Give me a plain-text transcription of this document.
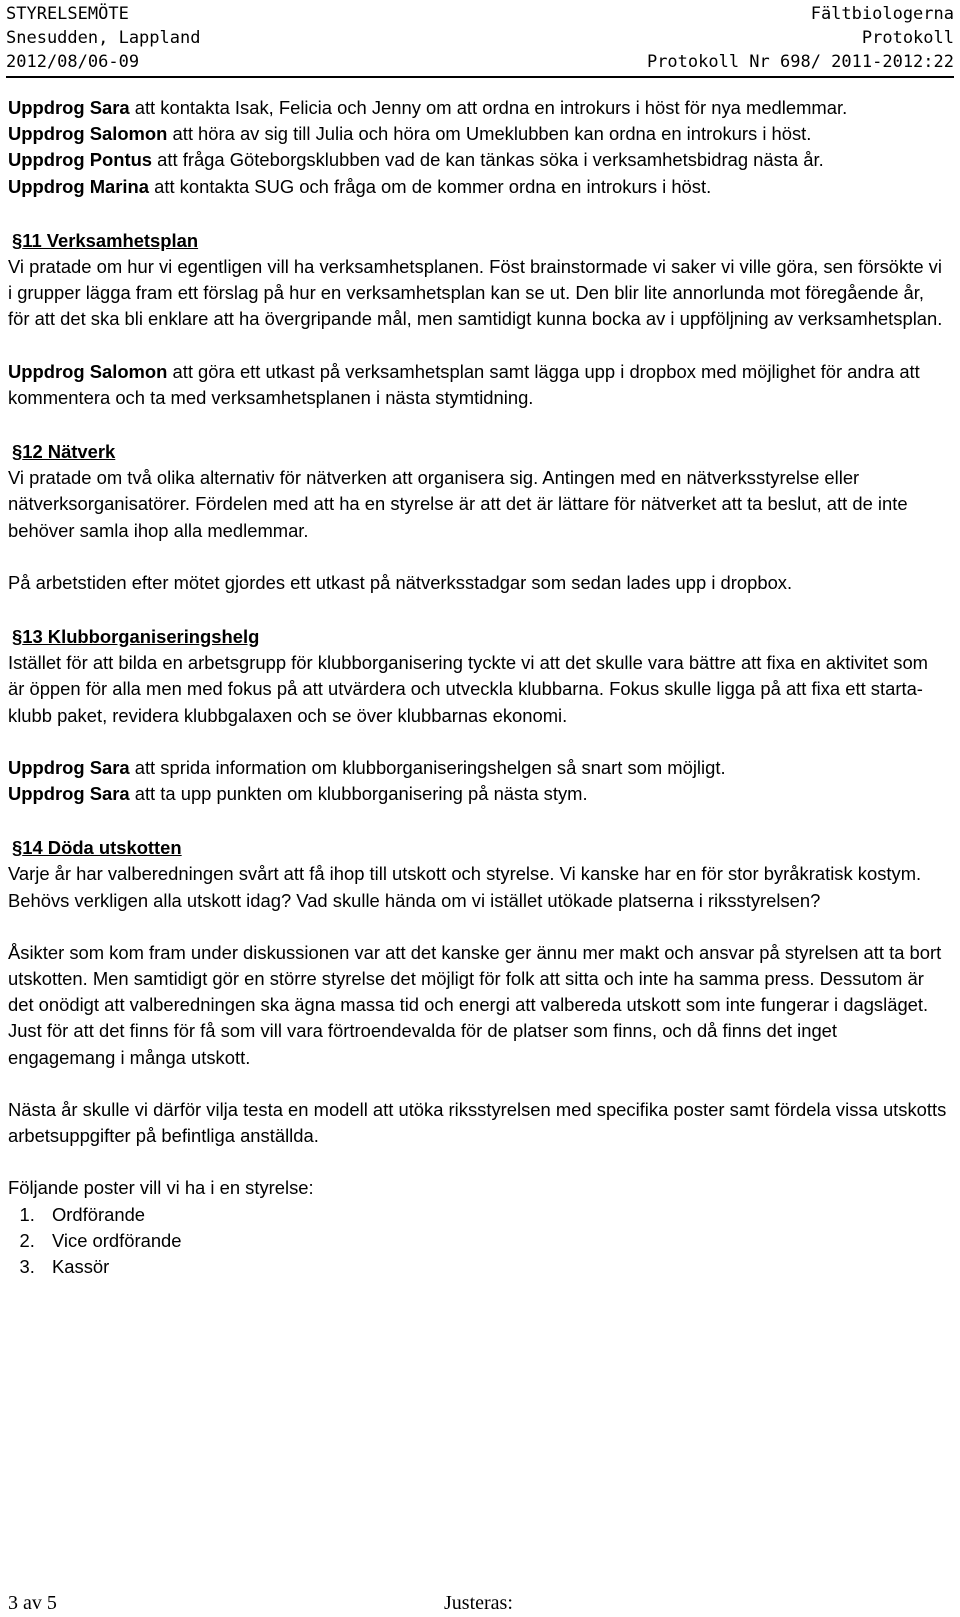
STYRELSEMÖTE
Snesudden, Lappland
2012/08/06-09
Fältbiologerna
Protokoll
Protokoll Nr 698/ 2011-2012:22

Uppdrog Sara att kontakta Isak, Felicia och Jenny om att ordna en introkurs i höst för nya medlemmar.

Uppdrog Salomon att höra av sig till Julia och höra om Umeklubben kan ordna en introkurs i höst.

Uppdrog Pontus att fråga Göteborgsklubben vad de kan tänkas söka i verksamhetsbidrag nästa år.

Uppdrog Marina att kontakta SUG och fråga om de kommer ordna en introkurs i höst.

§11 Verksamhetsplan

Vi pratade om hur vi egentligen vill ha verksamhetsplanen. Föst brainstormade vi saker vi ville göra, sen försökte vi i grupper lägga fram ett förslag på hur en verksamhetsplan kan se ut. Den blir lite annorlunda mot föregående år, för att det ska bli enklare att ha övergripande mål, men samtidigt kunna bocka av i uppföljning av verksamhetsplan.

Uppdrog Salomon att göra ett utkast på verksamhetsplan samt lägga upp i dropbox med möjlighet för andra att kommentera och ta med verksamhetsplanen i nästa stymtidning.

§12 Nätverk

Vi pratade om två olika alternativ för nätverken att organisera sig. Antingen med en nätverksstyrelse eller nätverksorganisatörer. Fördelen med att ha en styrelse är att det är lättare för nätverket att ta beslut, att de inte behöver samla ihop alla medlemmar.

På arbetstiden efter mötet gjordes ett utkast på nätverksstadgar som sedan lades upp i dropbox.

§13 Klubborganiseringshelg

Istället för att bilda en arbetsgrupp för klubborganisering tyckte vi att det skulle vara bättre att fixa en aktivitet som är öppen för alla men med fokus på att utvärdera och utveckla klubbarna. Fokus skulle ligga på att fixa ett starta-klubb paket, revidera klubbgalaxen och se över klubbarnas ekonomi.

Uppdrog Sara att sprida information om klubborganiseringshelgen så snart som möjligt.

Uppdrog Sara att ta upp punkten om klubborganisering på nästa stym.

§14 Döda utskotten

Varje år har valberedningen svårt att få ihop till utskott och styrelse. Vi kanske har en för stor byråkratisk kostym. Behövs verkligen alla utskott idag? Vad skulle hända om vi istället utökade platserna i riksstyrelsen?

Åsikter som kom fram under diskussionen var att det kanske ger ännu mer makt och ansvar på styrelsen att ta bort utskotten. Men samtidigt gör en större styrelse det möjligt för folk att sitta och inte ha samma press. Dessutom är det onödigt att valberedningen ska ägna massa tid och energi att valbereda utskott som inte fungerar i dagsläget. Just för att det finns för få som vill vara förtroendevalda för de platser som finns, och då finns det inget engagemang i många utskott.

Nästa år skulle vi därför vilja testa en modell att utöka riksstyrelsen med specifika poster samt fördela vissa utskotts arbetsuppgifter på befintliga anställda.

Följande poster vill vi ha i en styrelse:

1. Ordförande
2. Vice ordförande
3. Kassör
3 av 5	Justeras:
